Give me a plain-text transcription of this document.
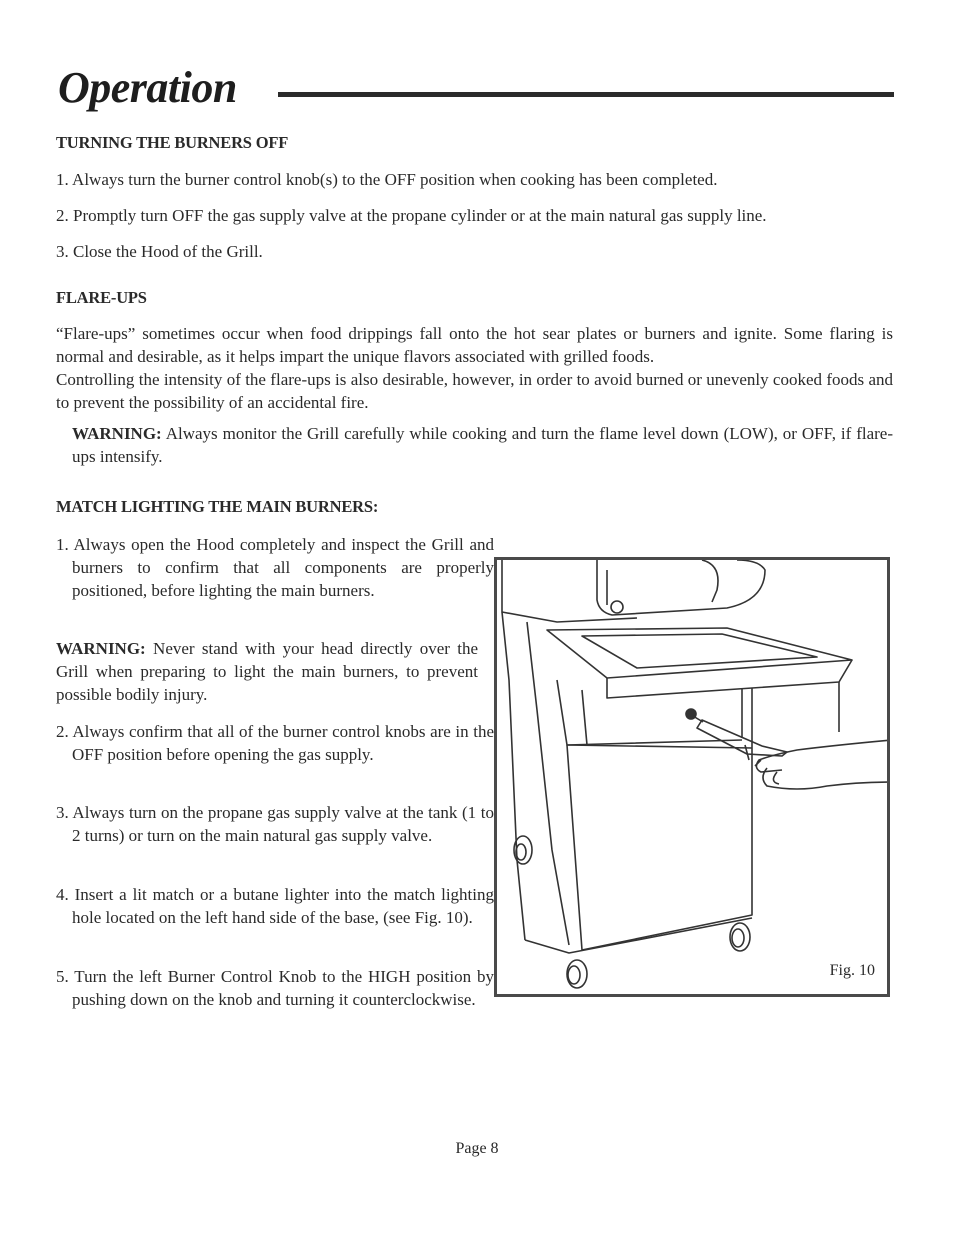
Operation
TURNING THE BURNERS OFF
1. Always turn the burner control knob(s) to the OFF position when cooking has been completed.
2. Promptly turn OFF the gas supply valve at the propane cylinder or at the main natural gas supply line.
3. Close the Hood of the Grill.
FLARE-UPS

“Flare-ups” sometimes occur when food drippings fall onto the hot sear plates or burners and ignite. Some flaring is normal and desirable, as it helps impart the unique flavors associated with grilled foods.

Controlling the intensity of the flare-ups is also desirable, however, in order to avoid burned or unevenly cooked foods and to prevent the possibility of an accidental fire.

WARNING: Always monitor the Grill carefully while cooking and turn the flame level down (LOW), or OFF, if flare-ups intensify.

MATCH LIGHTING THE MAIN BURNERS:

1. Always open the Hood completely and inspect the Grill and burners to confirm that all components are properly positioned, before lighting the main burners.

WARNING: Never stand with your head directly over the Grill when preparing to light the main burners, to prevent possible bodily injury.

2. Always confirm that all of the burner control knobs are in the OFF position before opening the gas supply.

3. Always turn on the propane gas supply valve at the tank (1 to 2 turns) or turn on the main natural gas supply valve.

4. Insert a lit match or a butane lighter into the match lighting hole located on the left hand side of the base, (see Fig. 10).

5. Turn the left Burner Control Knob to the HIGH position by pushing down on the knob and turning it counterclockwise.

Fig. 10
Page 8
